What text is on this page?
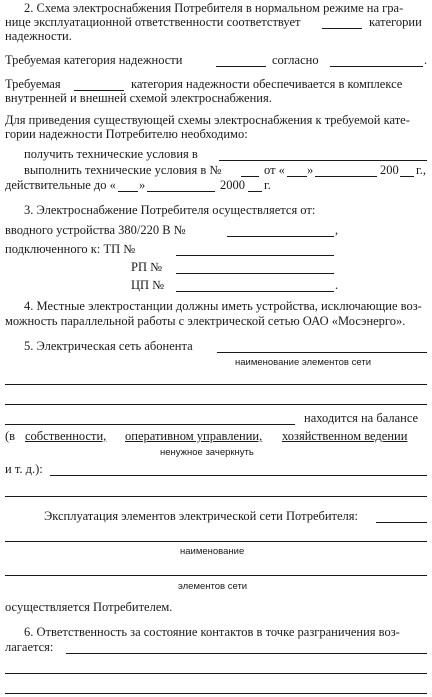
2. Схема электроснабжения Потребителя в нормальном режиме на гра-
нице эксплуатационной ответственности соответствует	категории
надежности.
Требуемая категория надежности	согласно	.
Требуемая	категория надежности обеспечивается в комплексе
внутренней и внешней схемой электроснабжения.
Для приведения существующей схемы электроснабжения к требуемой кате-
гории надежности Потребителю необходимо:
получить технические условия в
выполнить технические условия в №	от « »	200 г.,
действительные до « »	2000 г.
3. Электроснабжение Потребителя осуществляется от:
вводного устройства 380/220 В №	,
подключенного к: ТП №
РП №
ЦП №	.
4. Местные электростанции должны иметь устройства, исключающие воз-
можность параллельной работы с электрической сетью ОАО «Мосэнерго».
5. Электрическая сеть абонента
наименование элементов сети
находится на балансе
(в собственности, оперативном управлении, хозяйственном ведении
ненужное зачеркнуть
и т. д.):
Эксплуатация элементов электрической сети Потребителя:
наименование
элементов сети
осуществляется Потребителем.
6. Ответственность за состояние контактов в точке разграничения воз-
лагается:
